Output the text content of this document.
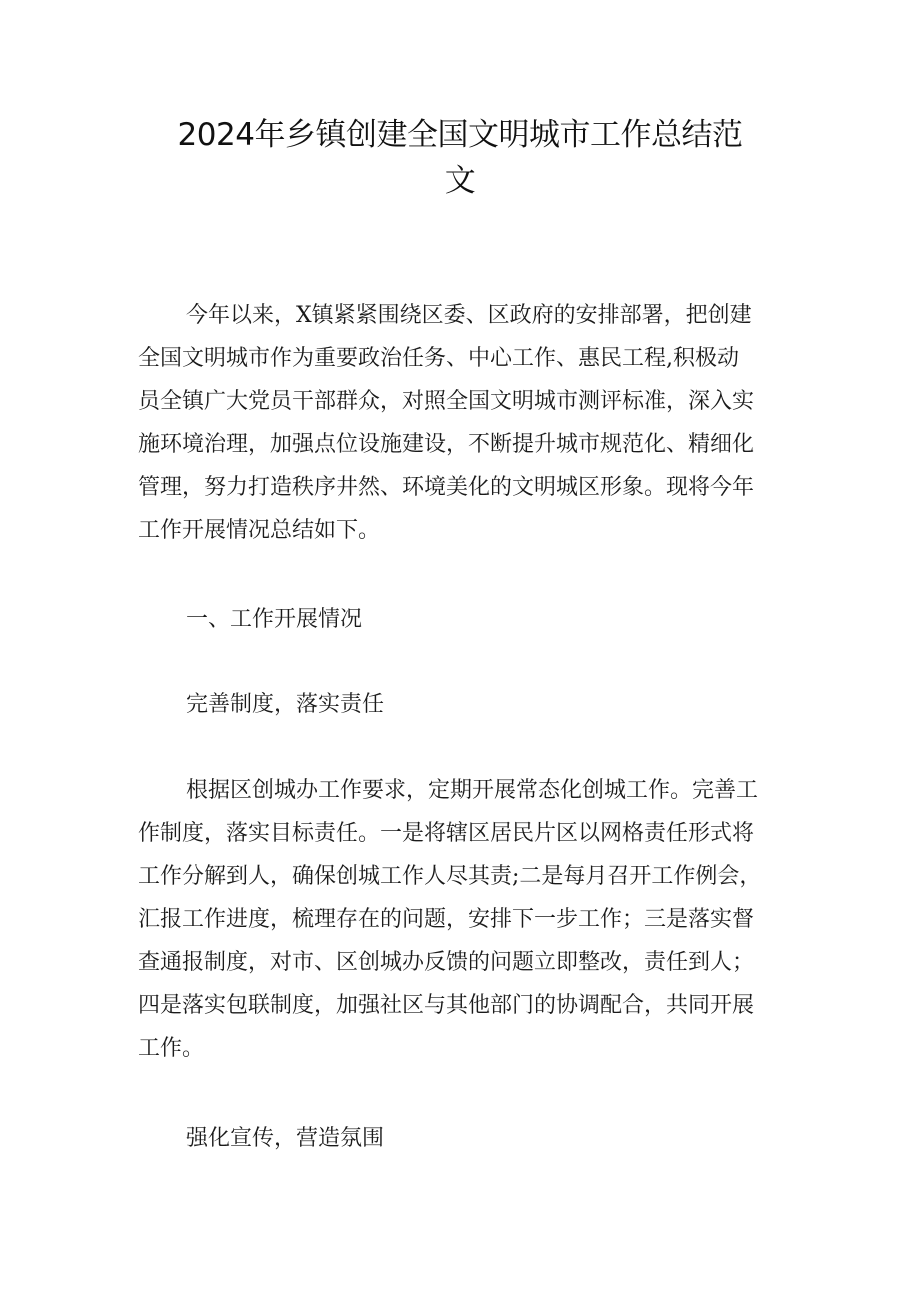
2024年乡镇创建全国文明城市工作总结范
文
今年以来，X镇紧紧围绕区委、区政府的安排部署，把创建
全国文明城市作为重要政治任务、中心工作、惠民工程,积极动
员全镇广大党员干部群众，对照全国文明城市测评标准，深入实
施环境治理，加强点位设施建设，不断提升城市规范化、精细化
管理，努力打造秩序井然、环境美化的文明城区形象。现将今年
工作开展情况总结如下。
一、工作开展情况
完善制度，落实责任
根据区创城办工作要求，定期开展常态化创城工作。完善工
作制度，落实目标责任。一是将辖区居民片区以网格责任形式将
工作分解到人，确保创城工作人尽其责;二是每月召开工作例会，
汇报工作进度，梳理存在的问题，安排下一步工作；三是落实督
查通报制度，对市、区创城办反馈的问题立即整改，责任到人；
四是落实包联制度，加强社区与其他部门的协调配合，共同开展
工作。
强化宣传，营造氛围
